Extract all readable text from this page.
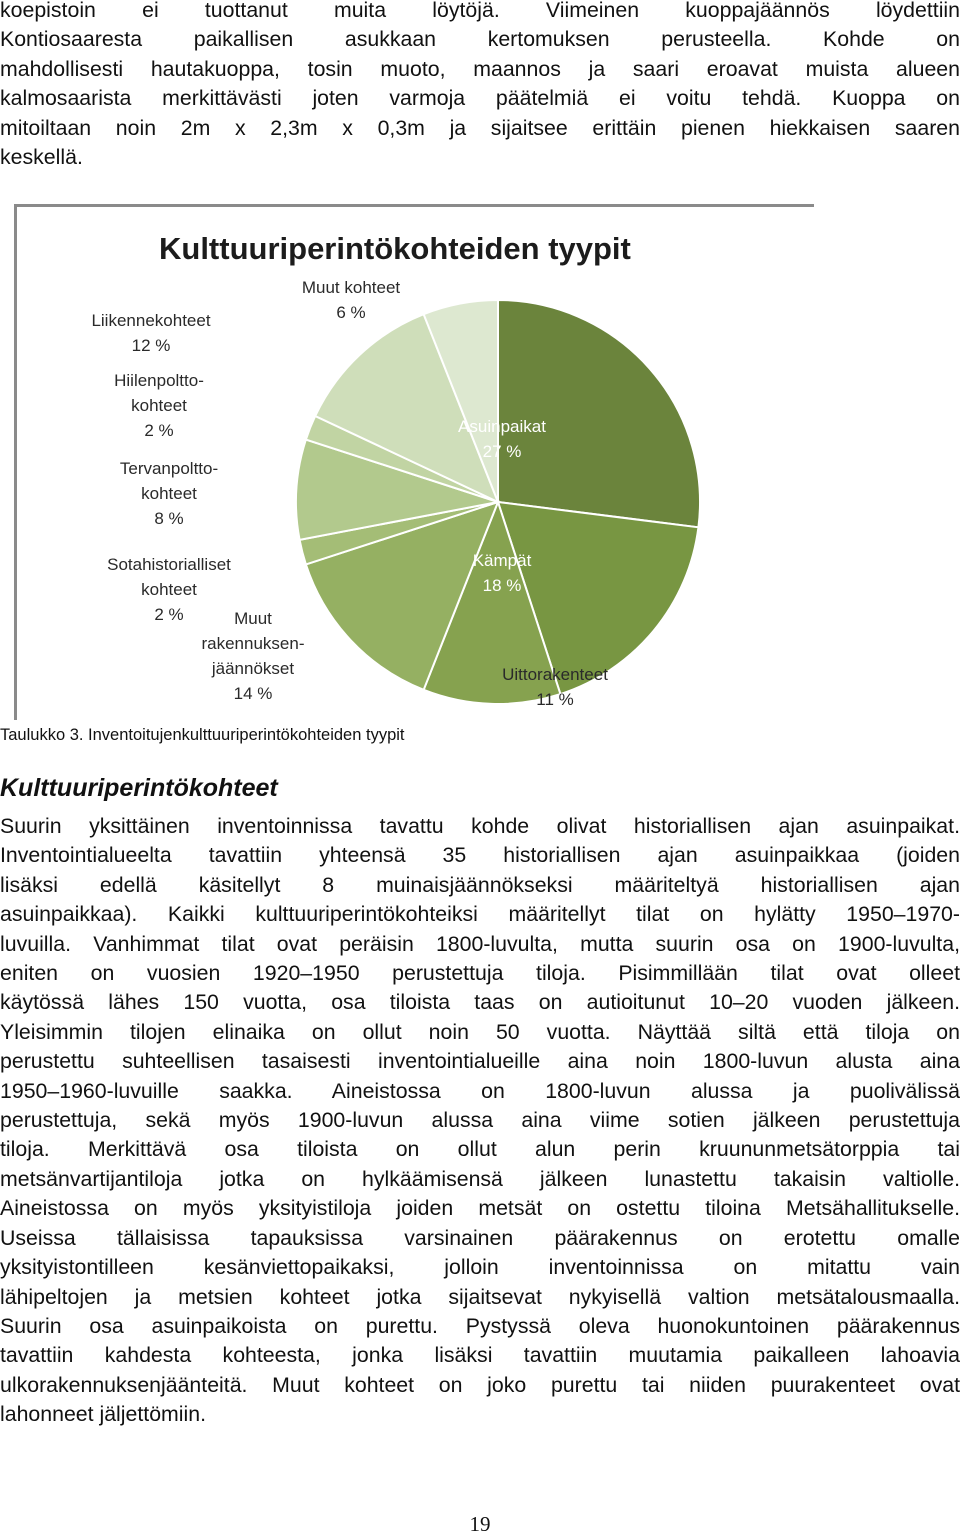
koepistoin ei tuottanut muita löytöjä. Viimeinen kuoppajäännös löydettiin
Kontiosaaresta paikallisen asukkaan kertomuksen perusteella. Kohde on
mahdollisesti hautakuoppa, tosin muoto, maannos ja saari eroavat muista alueen
kalmosaarista merkittävästi joten varmoja päätelmiä ei voitu tehdä. Kuoppa on
mitoiltaan noin 2m x 2,3m x 0,3m ja sijaitsee erittäin pienen hiekkaisen saaren
keskellä.
Kulttuuriperintökohteiden tyypit
Asuinpaikat
27 %
Kämpät
18 %
Uittorakenteet
11 %
Muut
rakennuksen-
jäännökset
14 %
Sotahistorialliset
kohteet
2 %
Tervanpoltto-
kohteet
8 %
Hiilenpoltto-
kohteet
2 %
Liikennekohteet
12 %
Muut kohteet
6 %
Taulukko 3. Inventoitujenkulttuuriperintökohteiden tyypit
Kulttuuriperintökohteet
Suurin yksittäinen inventoinnissa tavattu kohde olivat historiallisen ajan asuinpaikat.
Inventointialueelta tavattiin yhteensä 35 historiallisen ajan asuinpaikkaa (joiden
lisäksi edellä käsitellyt 8 muinaisjäännökseksi määriteltyä historiallisen ajan
asuinpaikkaa). Kaikki kulttuuriperintökohteiksi määritellyt tilat on hylätty 1950–1970-
luvuilla. Vanhimmat tilat ovat peräisin 1800-luvulta, mutta suurin osa on 1900-luvulta,
eniten on vuosien 1920–1950 perustettuja tiloja. Pisimmillään tilat ovat olleet
käytössä lähes 150 vuotta, osa tiloista taas on autioitunut 10–20 vuoden jälkeen.
Yleisimmin tilojen elinaika on ollut noin 50 vuotta. Näyttää siltä että tiloja on
perustettu suhteellisen tasaisesti inventointialueille aina noin 1800-luvun alusta aina
1950–1960-luvuille saakka. Aineistossa on 1800-luvun alussa ja puolivälissä
perustettuja, sekä myös 1900-luvun alussa aina viime sotien jälkeen perustettuja
tiloja. Merkittävä osa tiloista on ollut alun perin kruununmetsätorppia tai
metsänvartijantiloja jotka on hylkäämisensä jälkeen lunastettu takaisin valtiolle.
Aineistossa on myös yksityistiloja joiden metsät on ostettu tiloina Metsähallitukselle.
Useissa tällaisissa tapauksissa varsinainen päärakennus on erotettu omalle
yksityistontilleen kesänviettopaikaksi, jolloin inventoinnissa on mitattu vain
lähipeltojen ja metsien kohteet jotka sijaitsevat nykyisellä valtion metsätalousmaalla.
Suurin osa asuinpaikoista on purettu. Pystyssä oleva huonokuntoinen päärakennus
tavattiin kahdesta kohteesta, jonka lisäksi tavattiin muutamia paikalleen lahoavia
ulkorakennuksenjäänteitä. Muut kohteet on joko purettu tai niiden puurakenteet ovat
lahonneet jäljettömiin.
19
